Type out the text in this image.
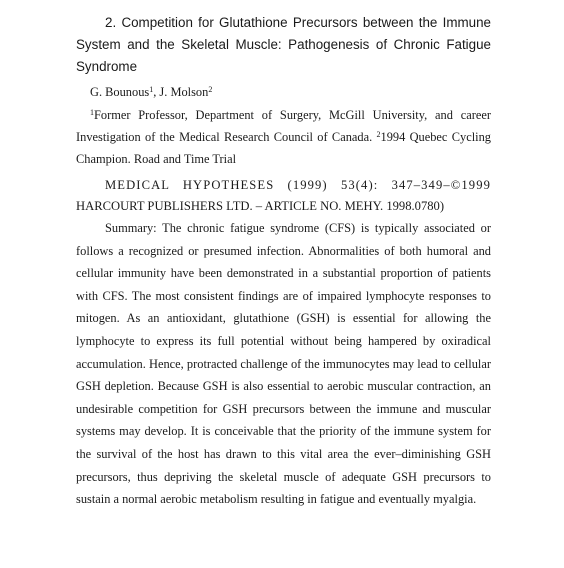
2. Competition for Glutathione Precursors between the Immune System and the Skeletal Muscle: Pathogenesis of Chronic Fatigue Syndrome

G. Bounous$^1$, J. Molson$^2$

$^1$Former Professor, Department of Surgery, McGill University, and career Investigation of the Medical Research Council of Canada. $^2$1994 Quebec Cycling Champion. Road and Time Trial

MEDICAL HYPOTHESES (1999) 53(4): 347–349–©1999 HARCOURT PUBLISHERS LTD. – ARTICLE NO. MEHY. 1998.0780)

Summary: The chronic fatigue syndrome (CFS) is typically associated or follows a recognized or presumed infection. Abnormalities of both humoral and cellular immunity have been demonstrated in a substantial proportion of patients with CFS. The most consistent findings are of impaired lymphocyte responses to mitogen. As an antioxidant, glutathione (GSH) is essential for allowing the lymphocyte to express its full potential without being hampered by oxiradical accumulation. Hence, protracted challenge of the immunocytes may lead to cellular GSH depletion. Because GSH is also essential to aerobic muscular contraction, an undesirable competition for GSH precursors between the immune and muscular systems may develop. It is conceivable that the priority of the immune system for the survival of the host has drawn to this vital area the ever–diminishing GSH precursors, thus depriving the skeletal muscle of adequate GSH precursors to sustain a normal aerobic metabolism resulting in fatigue and eventually myalgia.
